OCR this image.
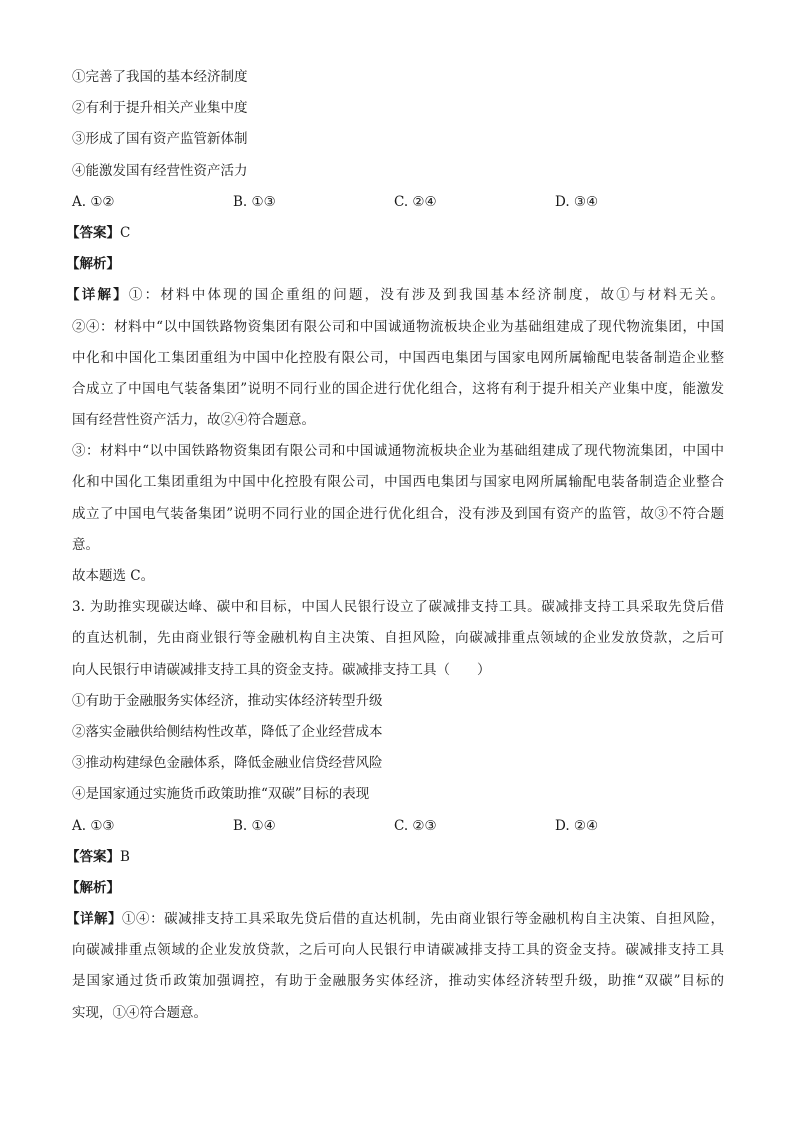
①完善了我国的基本经济制度
②有利于提升相关产业集中度
③形成了国有资产监管新体制
④能激发国有经营性资产活力
A. ①②	B. ①③	C. ②④	D. ③④
【答案】C
【解析】
【详解】①：材料中体现的国企重组的问题，没有涉及到我国基本经济制度，故①与材料无关。
②④：材料中“以中国铁路物资集团有限公司和中国诚通物流板块企业为基础组建成了现代物流集团，中国
中化和中国化工集团重组为中国中化控股有限公司，中国西电集团与国家电网所属输配电装备制造企业整
合成立了中国电气装备集团”说明不同行业的国企进行优化组合，这将有利于提升相关产业集中度，能激发
国有经营性资产活力，故②④符合题意。
③：材料中“以中国铁路物资集团有限公司和中国诚通物流板块企业为基础组建成了现代物流集团，中国中
化和中国化工集团重组为中国中化控股有限公司，中国西电集团与国家电网所属输配电装备制造企业整合
成立了中国电气装备集团”说明不同行业的国企进行优化组合，没有涉及到国有资产的监管，故③不符合题
意。
故本题选 C。
3. 为助推实现碳达峰、碳中和目标，中国人民银行设立了碳减排支持工具。碳减排支持工具采取先贷后借
的直达机制，先由商业银行等金融机构自主决策、自担风险，向碳减排重点领域的企业发放贷款，之后可
向人民银行申请碳减排支持工具的资金支持。碳减排支持工具（　　）
①有助于金融服务实体经济，推动实体经济转型升级
②落实金融供给侧结构性改革，降低了企业经营成本
③推动构建绿色金融体系，降低金融业信贷经营风险
④是国家通过实施货币政策助推“双碳”目标的表现
A. ①③	B. ①④	C. ②③	D. ②④
【答案】B
【解析】
【详解】①④：碳减排支持工具采取先贷后借的直达机制，先由商业银行等金融机构自主决策、自担风险，
向碳减排重点领域的企业发放贷款，之后可向人民银行申请碳减排支持工具的资金支持。碳减排支持工具
是国家通过货币政策加强调控，有助于金融服务实体经济，推动实体经济转型升级，助推“双碳”目标的
实现，①④符合题意。
